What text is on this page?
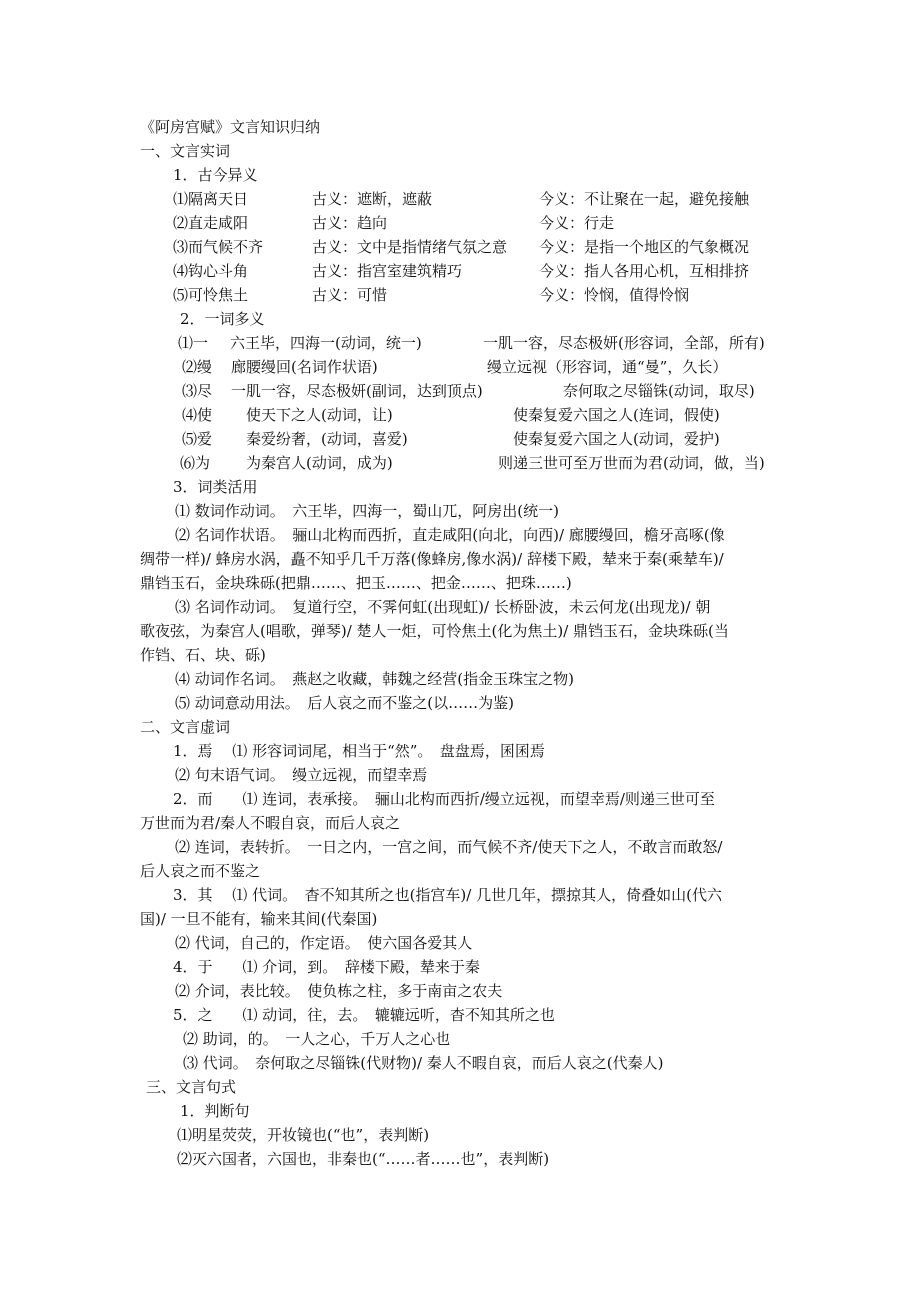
《阿房宫赋》文言知识归纳
一、文言实词
1．古今异义
⑴隔离天日	古义：遮断，遮蔽	今义：不让聚在一起，避免接触
⑵直走咸阳	古义：趋向	今义：行走
⑶而气候不齐	古义：文中是指情绪气氛之意 今义：是指一个地区的气象概况
⑷钩心斗角	古义：指宫室建筑精巧	今义：指人各用心机，互相排挤
⑸可怜焦土	古义：可惜	今义：怜悯，值得怜悯
2．一词多义
⑴一 六王毕，四海一(动词，统一)	一肌一容，尽态极妍(形容词，全部，所有)
⑵缦 廊腰缦回(名词作状语)	缦立远视（形容词，通“曼”，久长）
⑶尽 一肌一容，尽态极妍(副词，达到顶点)	奈何取之尽锱铢(动词，取尽)
⑷使 使天下之人(动词，让)	使秦复爱六国之人(连词，假使)
⑸爱 秦爱纷奢，(动词，喜爱)	使秦复爱六国之人(动词，爱护)
⑹为 为秦宫人(动词，成为)	则递三世可至万世而为君(动词，做，当)
3．词类活用
⑴ 数词作动词。　六王毕，四海一，蜀山兀，阿房出(统一)
⑵ 名词作状语。　骊山北构而西折，直走咸阳(向北，向西)/ 廊腰缦回，檐牙高啄(像
绸带一样)/ 蜂房水涡，矗不知乎几千万落(像蜂房,像水涡)/ 辞楼下殿，辇来于秦(乘辇车)/
鼎铛玉石，金块珠砾(把鼎……、把玉……、把金……、把珠……)
⑶ 名词作动词。　复道行空，不霁何虹(出现虹)/ 长桥卧波，未云何龙(出现龙)/ 朝
歌夜弦，为秦宫人(唱歌，弹琴)/ 楚人一炬，可怜焦土(化为焦土)/ 鼎铛玉石，金块珠砾(当
作铛、石、块、砾)
⑷ 动词作名词。　燕赵之收藏，韩魏之经营(指金玉珠宝之物)
⑸ 动词意动用法。　后人哀之而不鉴之(以……为鉴)
二、文言虚词
1．焉　 ⑴ 形容词词尾，相当于“然”。　盘盘焉，囷囷焉
⑵ 句末语气词。　缦立远视，而望幸焉
2．而　　⑴ 连词，表承接。　骊山北构而西折/缦立远视，而望幸焉/则递三世可至
万世而为君/秦人不暇自哀，而后人哀之
⑵ 连词，表转折。　一日之内，一宫之间，而气候不齐/使天下之人，不敢言而敢怒/
后人哀之而不鉴之
3．其　 ⑴ 代词。　杳不知其所之也(指宫车)/ 几世几年，摽掠其人，倚叠如山(代六
国)/ 一旦不能有，输来其间(代秦国)
⑵ 代词，自己的，作定语。　使六国各爱其人
4．于　　⑴ 介词，到。　辞楼下殿，辇来于秦
⑵ 介词，表比较。　使负栋之柱，多于南亩之农夫
5．之　　⑴ 动词，往，去。　辘辘远听，杳不知其所之也
⑵ 助词，的。　一人之心，千万人之心也
⑶ 代词。　奈何取之尽锱铢(代财物)/ 秦人不暇自哀，而后人哀之(代秦人)
三、文言句式
1．判断句
⑴明星荧荧，开妆镜也(“也”，表判断)
⑵灭六国者，六国也，非秦也(“……者……也”，表判断)
